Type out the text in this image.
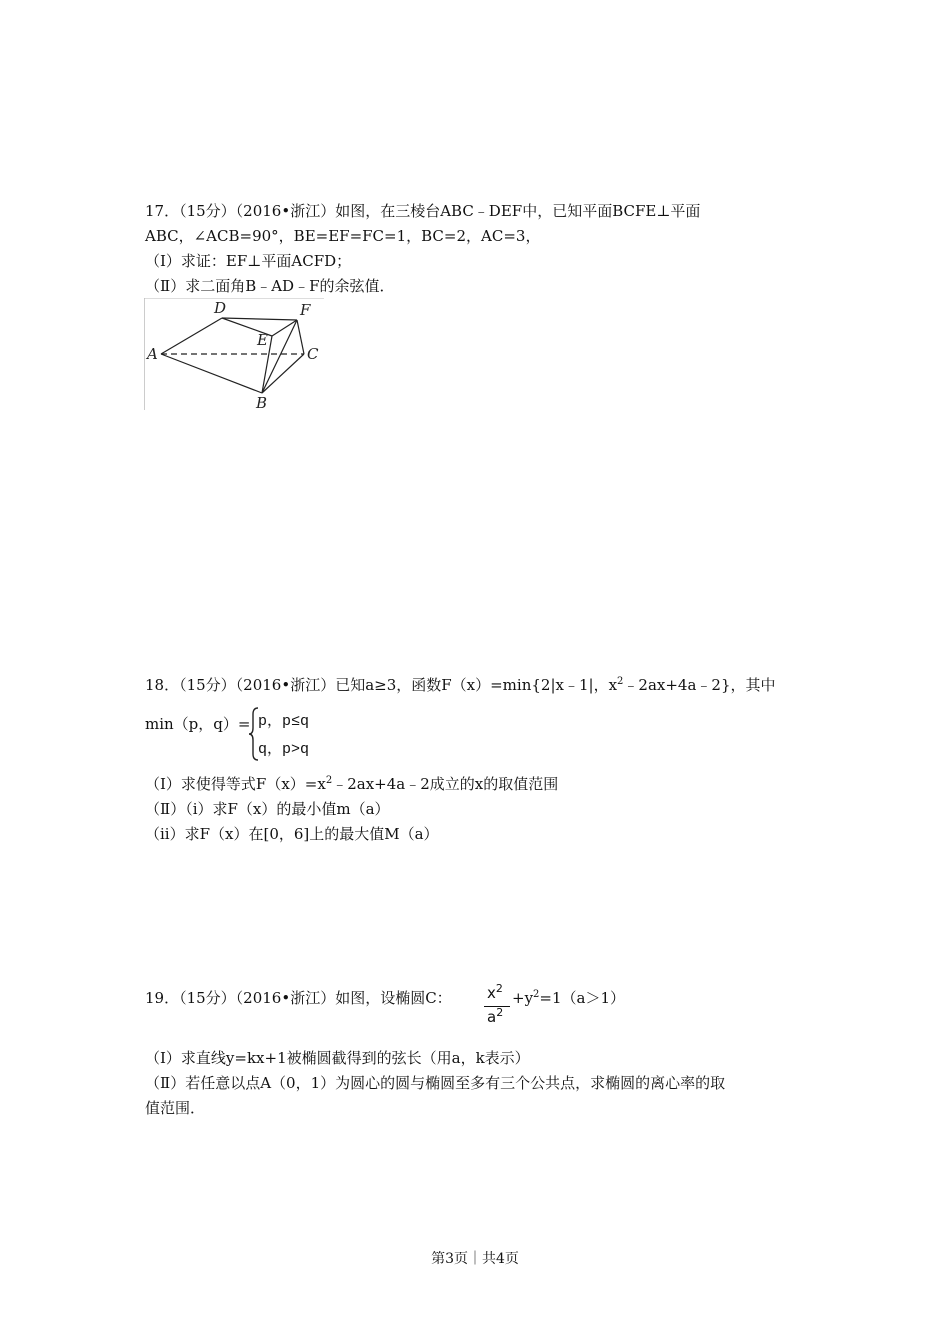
17．（15分）（2016•浙江）如图，在三棱台ABC﹣DEF中，已知平面BCFE⊥平面
ABC，∠ACB=90°，BE=EF=FC=1，BC=2，AC=3，
（Ⅰ）求证：EF⊥平面ACFD；
（Ⅱ）求二面角B﹣AD﹣F的余弦值．
A
B
C
D
E
F
18．（15分）（2016•浙江）已知a≥3，函数F（x）=min{2|x﹣1|，$x^2﹣2ax+4a﹣2$}，其中
min（p，q）= p，p≤q
q，p>q
（Ⅰ）求使得等式$F(x)=x^2﹣2ax+4a﹣2$成立的x的取值范围
（Ⅱ）（i）求F（x）的最小值m（a）
（ii）求F（x）在[0，6]上的最大值M（a）
19．（15分）（2016•浙江）如图，设椭圆C： $x^2$
$a^2$
$+y^2=1(a>1)$
（Ⅰ）求直线y=kx+1被椭圆截得到的弦长（用a，k表示）
（Ⅱ）若任意以点A（0，1）为圆心的圆与椭圆至多有三个公共点，求椭圆的离心率的取
值范围．
第3页｜共4页
